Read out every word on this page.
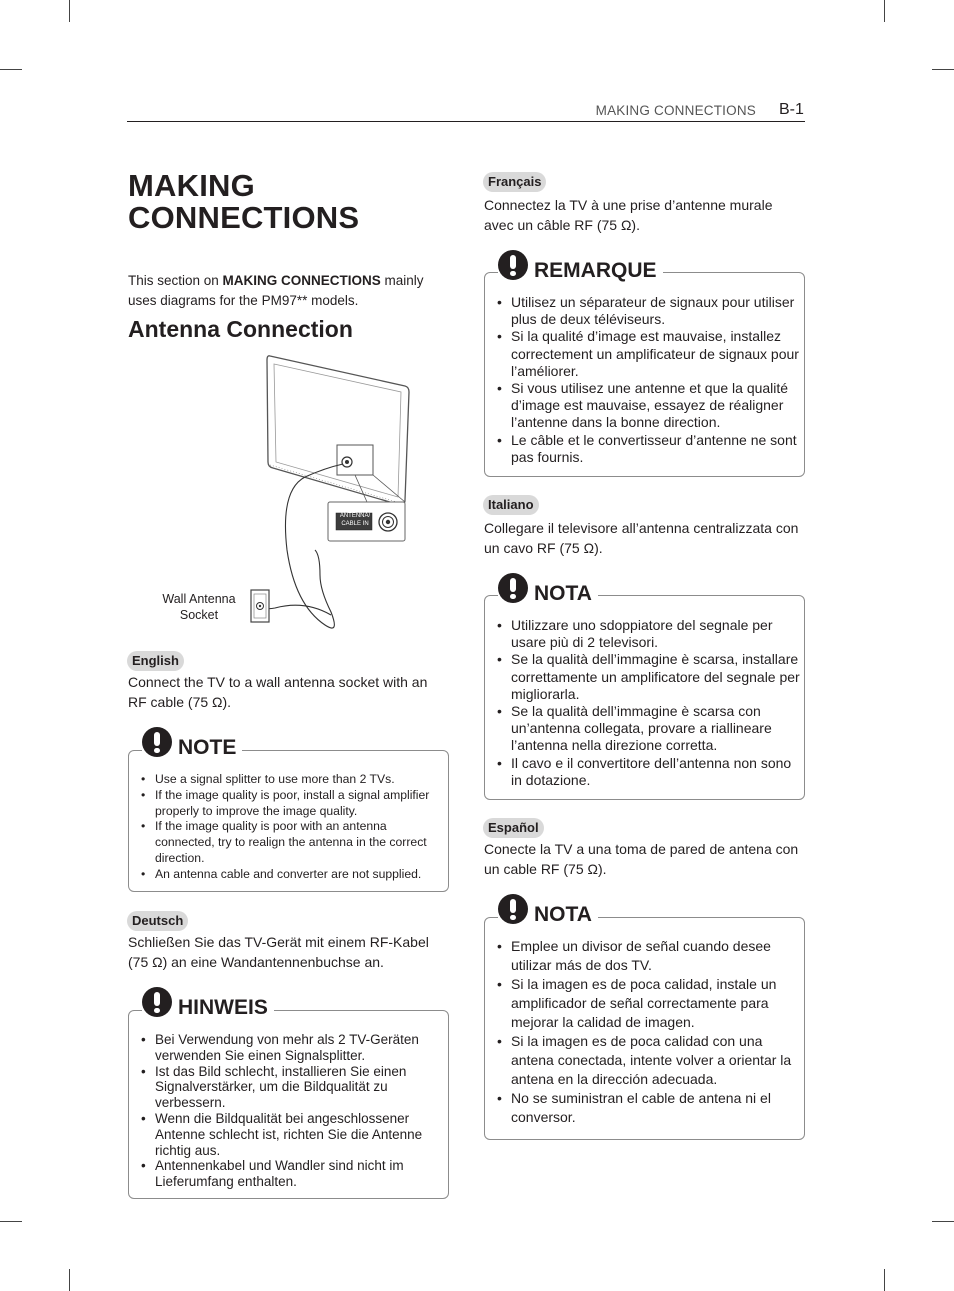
MAKING CONNECTIONS B-1
MAKING
CONNECTIONS

This section on MAKING CONNECTIONS mainly uses diagrams for the PM97** models.

Antenna Connection
ANTENNA/
CABLE IN
Wall Antenna
Socket
English

Connect the TV to a wall antenna socket with an RF cable (75 Ω).

• Use a signal splitter to use more than 2 TVs.
• If the image quality is poor, install a signal amplifier properly to improve the image quality.
• If the image quality is poor with an antenna connected, try to realign the antenna in the correct direction.
• An antenna cable and converter are not supplied.
NOTE
Deutsch

Schließen Sie das TV-Gerät mit einem RF-Kabel (75 Ω) an eine Wandantennenbuchse an.

• Bei Verwendung von mehr als 2 TV-Geräten verwenden Sie einen Signalsplitter.
• Ist das Bild schlecht, installieren Sie einen Signalverstärker, um die Bildqualität zu verbessern.
• Wenn die Bildqualität bei angeschlossener Antenne schlecht ist, richten Sie die Antenne richtig aus.
• Antennenkabel und Wandler sind nicht im Lieferumfang enthalten.
HINWEIS
Français

Connectez la TV à une prise d’antenne murale avec un câble RF (75 Ω).

• Utilisez un séparateur de signaux pour utiliser plus de deux téléviseurs.
• Si la qualité d’image est mauvaise, installez correctement un amplificateur de signaux pour l’améliorer.
• Si vous utilisez une antenne et que la qualité d’image est mauvaise, essayez de réaligner l’antenne dans la bonne direction.
• Le câble et le convertisseur d’antenne ne sont pas fournis.
REMARQUE
Italiano

Collegare il televisore all’antenna centralizzata con un cavo RF (75 Ω).

• Utilizzare uno sdoppiatore del segnale per usare più di 2 televisori.
• Se la qualità dell’immagine è scarsa, installare correttamente un amplificatore del segnale per migliorarla.
• Se la qualità dell’immagine è scarsa con un’antenna collegata, provare a riallineare l’antenna nella direzione corretta.
• Il cavo e il convertitore dell’antenna non sono in dotazione.
NOTA
Español

Conecte la TV a una toma de pared de antena con un cable RF (75 Ω).

• Emplee un divisor de señal cuando desee utilizar más de dos TV.
• Si la imagen es de poca calidad, instale un amplificador de señal correctamente para mejorar la calidad de imagen.
• Si la imagen es de poca calidad con una antena conectada, intente volver a orientar la antena en la dirección adecuada.
• No se suministran el cable de antena ni el conversor.
NOTA
